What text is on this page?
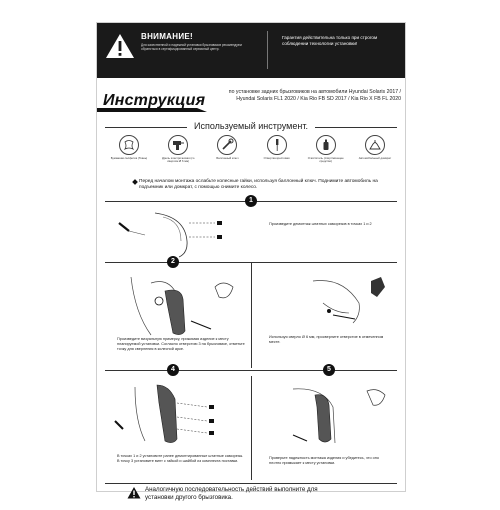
ВНИМАНИЕ!
Для качественной и надежной установки брызговиков рекомендуем обратиться в сертифицированный сервисный центр.
Гарантия действительна только при строгом соблюдении технологии установки!
Инструкция	по установке задних брызговиков на автомобили Hyundai Solaris 2017 / Hyundai Solaris FL1 2020 / Kia Rio FB SD 2017 / Kia Rio X FB FL 2020
Используемый инструмент.
Бумажная салфетка (Ткань)	Дрель электрическая (со сверлом Ø 6 мм)
Баллонный ключ	Отвертка крестовая	Очиститель (спирт/моющее средство)
Автомобильный домкрат
Перед началом монтажа ослабьте колесные гайки, используя баллонный ключ. Поднимите автомобиль на подъемник или домкрат, с помощью снимите колесо.
1
Произведите демонтаж штатных саморезов в точках 1 и 2
2
Произведите визуальную примерку, прижимая изделие к месту планируемой установки. Согласно отверстию 3 на брызговике, отметьте точку для сверления в колесной арке.
Используя сверло Ø 6 мм, просверлите отверстие в отмеченном месте.
4	5
В точках 1 и 2 установите ранее демонтированные штатные саморезы. В точку 3 установите винт с гайкой и шайбой из комплекта поставки.
Проверьте надежность монтажа изделия и убедитесь, что оно плотно примыкает к месту установки.
Аналогичную последовательность действий выполните для установки другого брызговика.
